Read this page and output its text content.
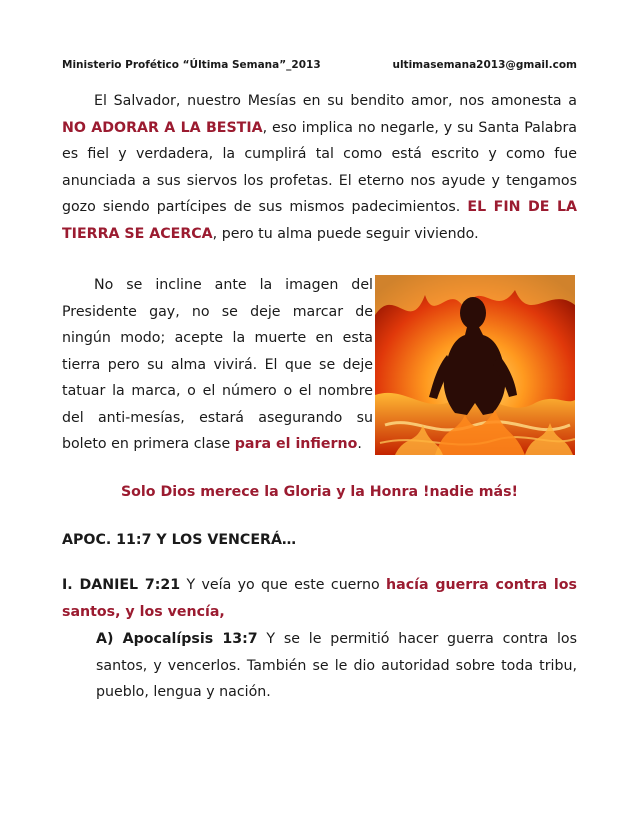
Ministerio Profético “Última Semana”_2013	ultimasemana2013@gmail.com

El Salvador, nuestro Mesías en su bendito amor, nos amonesta a NO ADORAR A LA BESTIA, eso implica no negarle, y su Santa Palabra es fiel y verdadera, la cumplirá tal como está escrito y como fue anunciada a sus siervos los profetas. El eterno nos ayude y tengamos gozo siendo partícipes de sus mismos padecimientos. EL FIN DE LA TIERRA SE ACERCA, pero tu alma puede seguir viviendo.

No se incline ante la imagen del Presidente gay, no se deje marcar de ningún modo; acepte la muerte en esta tierra pero su alma vivirá. El que se deje tatuar la marca, o el número o el nombre del anti-mesías, estará asegurando su boleto en primera clase para el infierno.

Solo Dios merece la Gloria y la Honra !nadie más!
APOC. 11:7 Y LOS VENCERÁ…

I. DANIEL 7:21 Y veía yo que este cuerno hacía guerra contra los santos, y los vencía,

A) Apocalípsis 13:7 Y se le permitió hacer guerra contra los santos, y vencerlos. También se le dio autoridad sobre toda tribu, pueblo, lengua y nación.
